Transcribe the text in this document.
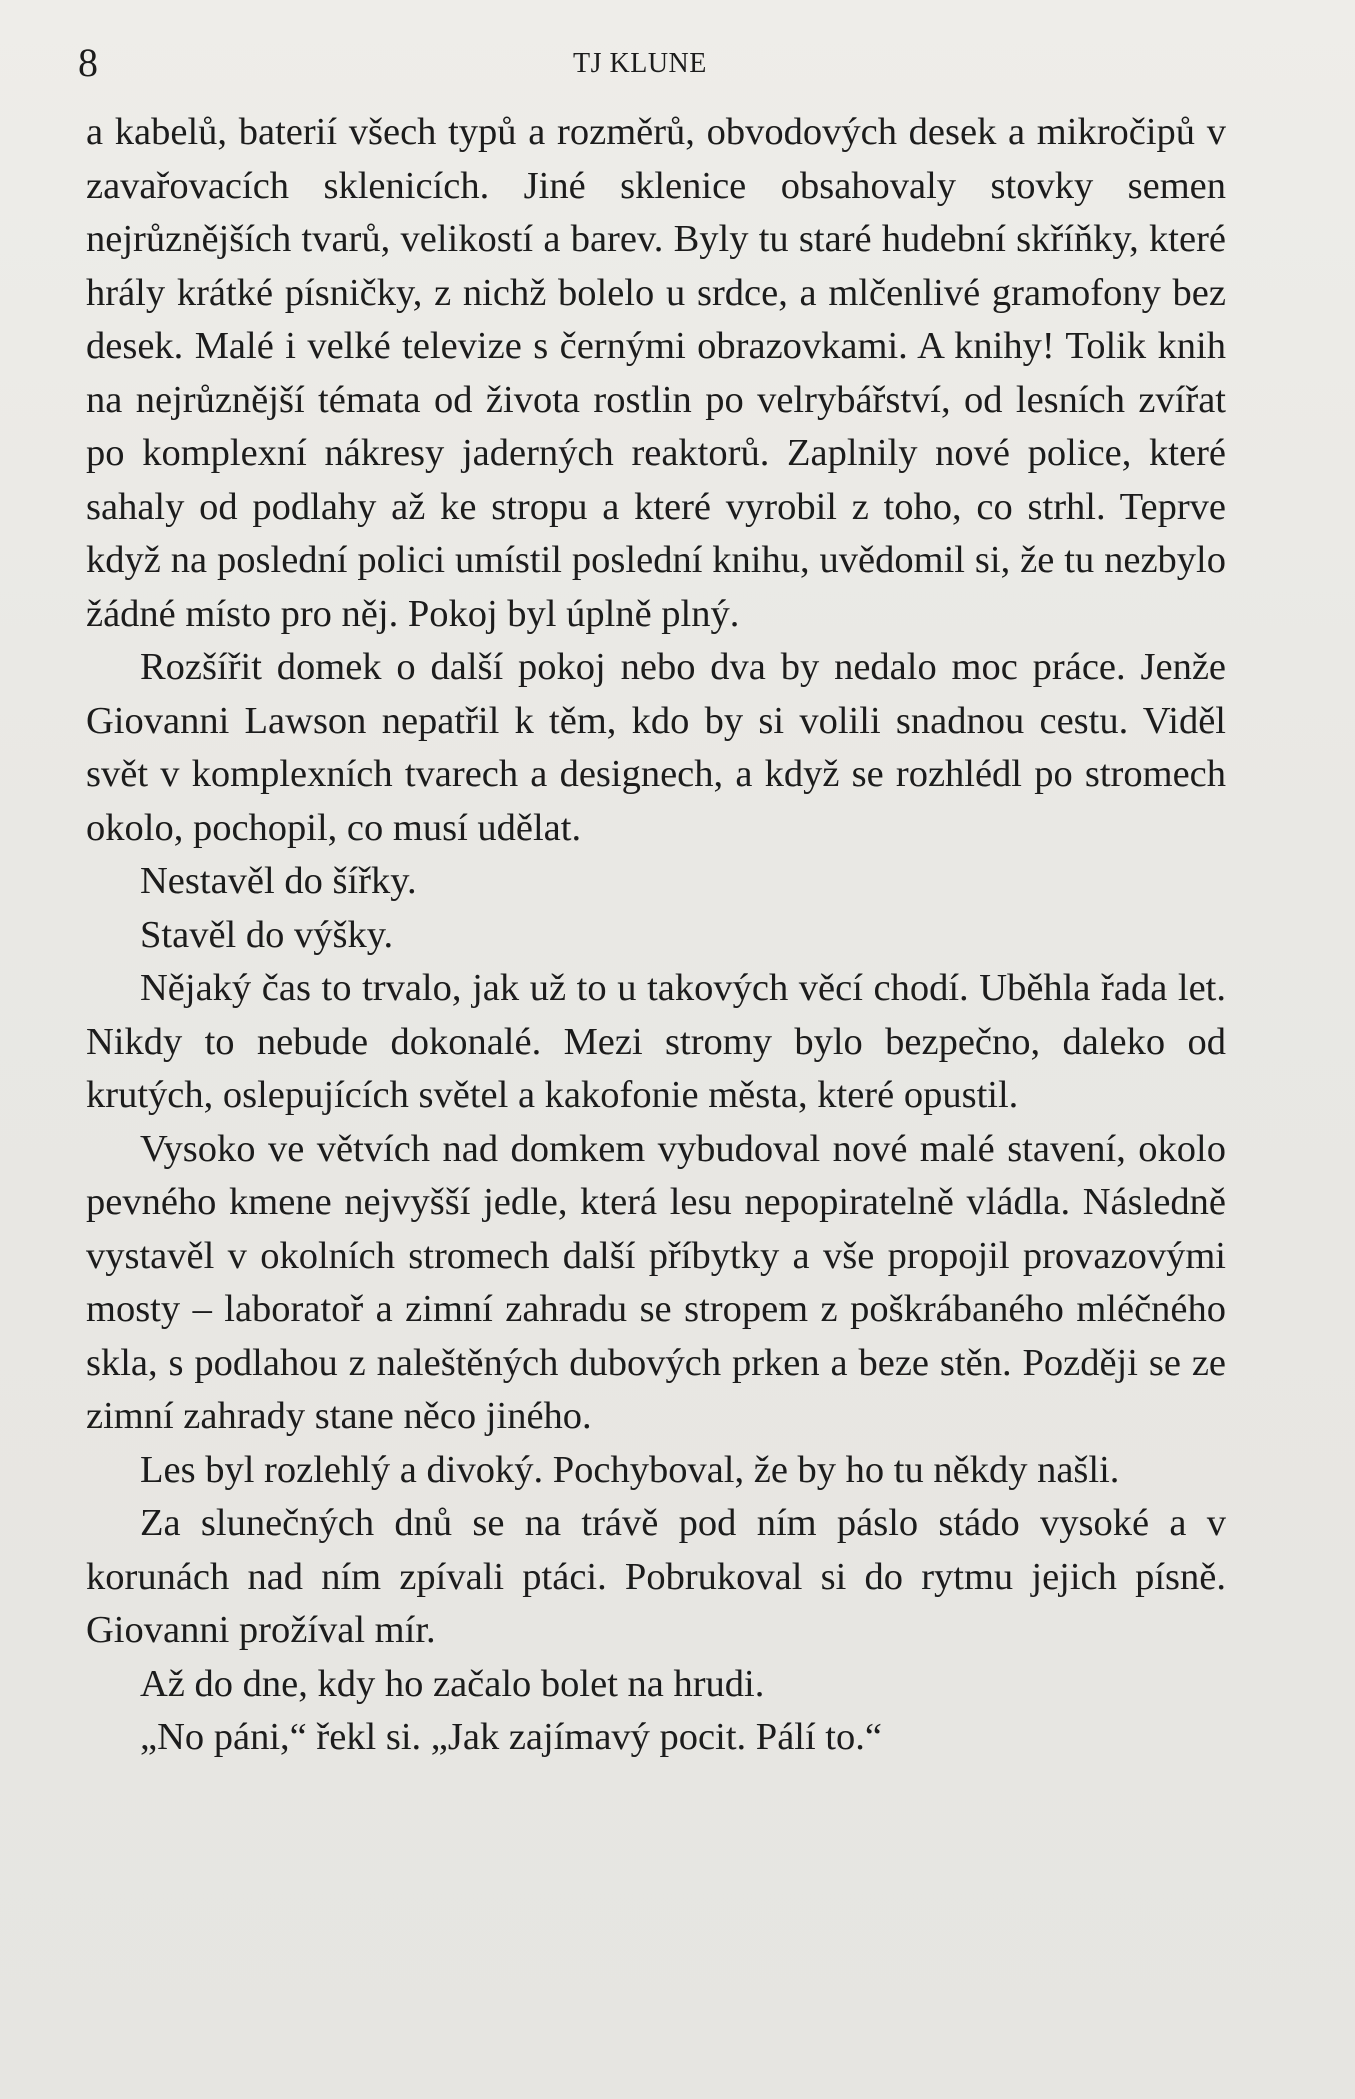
8	TJ KLUNE

a kabelů, baterií všech typů a rozměrů, obvodových desek a mikročipů v zavařovacích sklenicích. Jiné sklenice obsahovaly stovky semen nejrůznějších tvarů, velikostí a barev. Byly tu staré hudební skříňky, které hrály krátké písničky, z nichž bolelo u srdce, a mlčenlivé gramofony bez desek. Malé i velké televize s černými obrazovkami. A knihy! Tolik knih na nejrůznější témata od života rostlin po velrybářství, od lesních zvířat po komplexní nákresy jaderných reaktorů. Zaplnily nové police, které sahaly od podlahy až ke stropu a které vyrobil z toho, co strhl. Teprve když na poslední polici umístil poslední knihu, uvědomil si, že tu nezbylo žádné místo pro něj. Pokoj byl úplně plný.

Rozšířit domek o další pokoj nebo dva by nedalo moc práce. Jenže Giovanni Lawson nepatřil k těm, kdo by si volili snadnou cestu. Viděl svět v komplexních tvarech a designech, a když se rozhlédl po stromech okolo, pochopil, co musí udělat.

Nestavěl do šířky.

Stavěl do výšky.

Nějaký čas to trvalo, jak už to u takových věcí chodí. Uběhla řada let. Nikdy to nebude dokonalé. Mezi stromy bylo bezpečno, daleko od krutých, oslepujících světel a kakofonie města, které opustil.

Vysoko ve větvích nad domkem vybudoval nové malé stavení, okolo pevného kmene nejvyšší jedle, která lesu nepopiratelně vládla. Následně vystavěl v okolních stromech další příbytky a vše propojil provazovými mosty – laboratoř a zimní zahradu se stropem z poškrábaného mléčného skla, s podlahou z naleštěných dubových prken a beze stěn. Později se ze zimní zahrady stane něco jiného.

Les byl rozlehlý a divoký. Pochyboval, že by ho tu někdy našli.

Za slunečných dnů se na trávě pod ním páslo stádo vysoké a v korunách nad ním zpívali ptáci. Pobrukoval si do rytmu jejich písně. Giovanni prožíval mír.

Až do dne, kdy ho začalo bolet na hrudi.

„No páni,“ řekl si. „Jak zajímavý pocit. Pálí to.“
